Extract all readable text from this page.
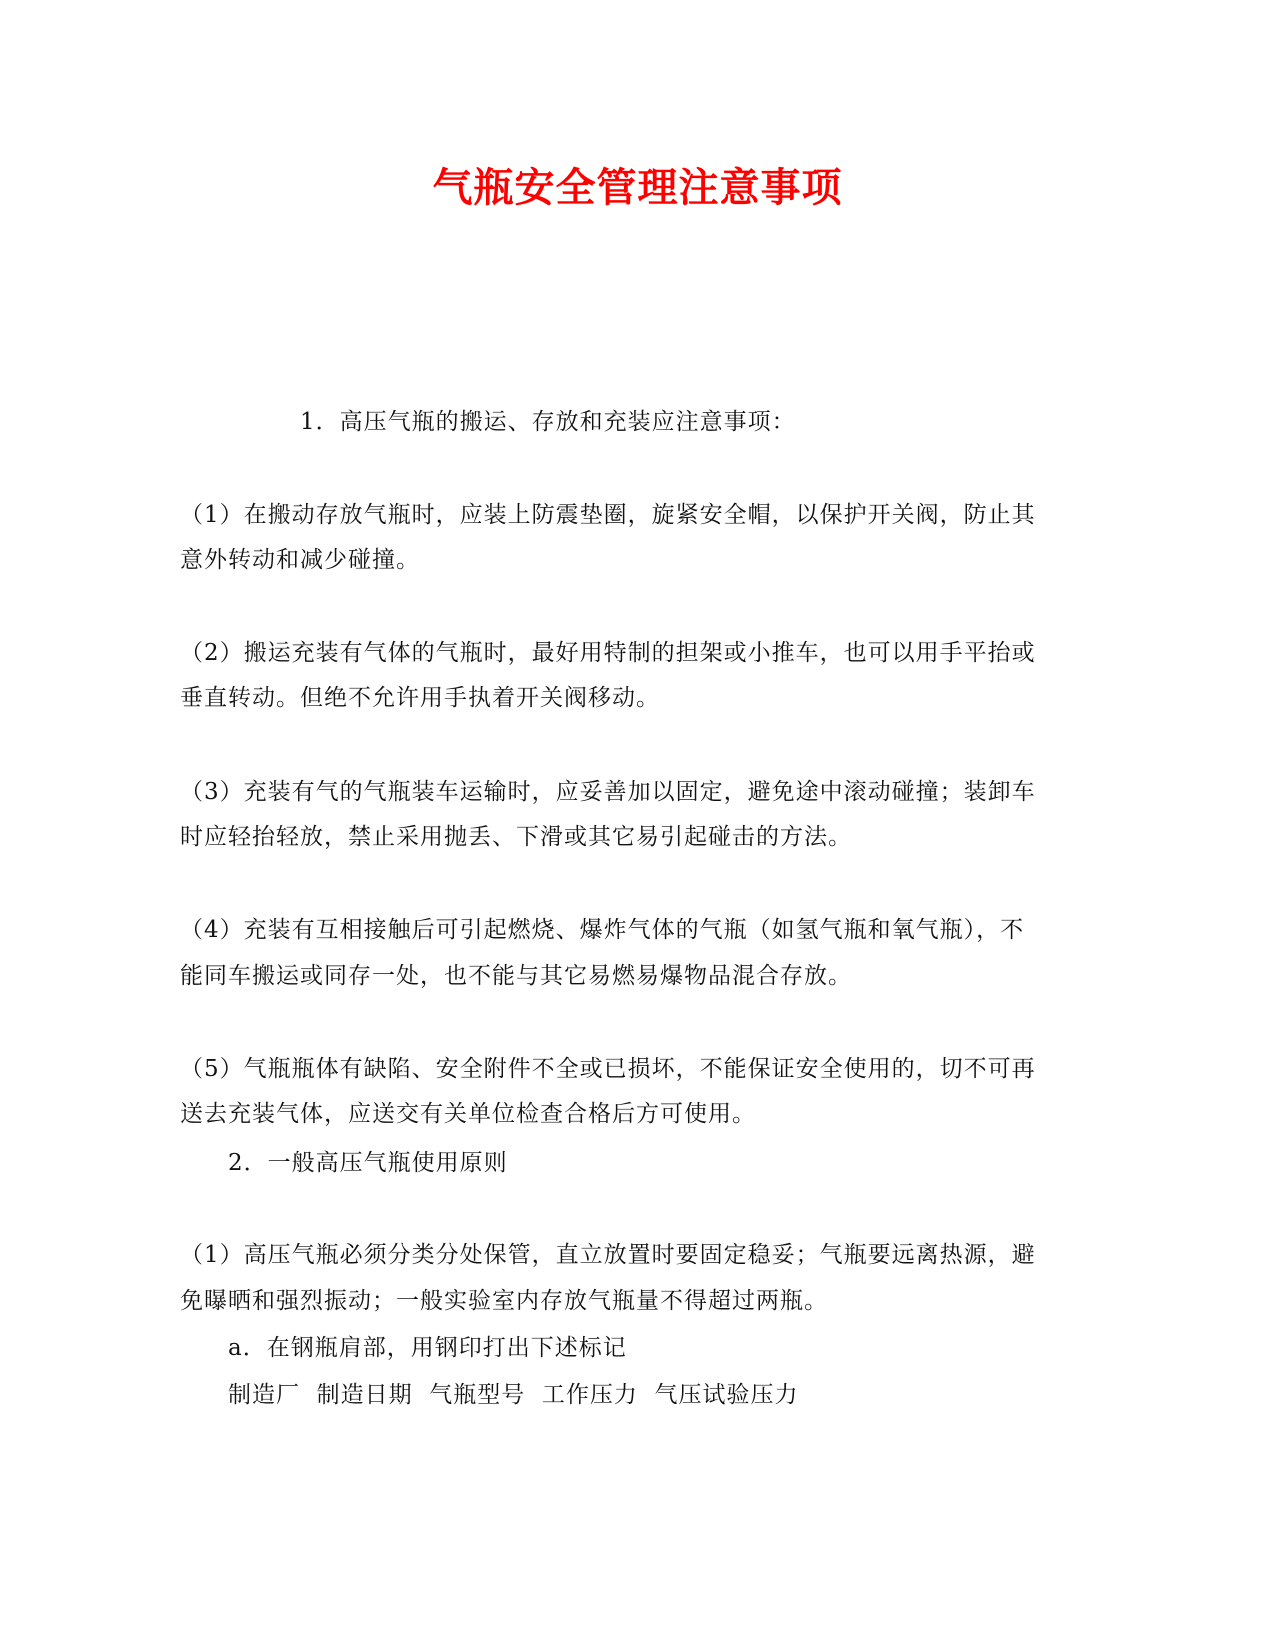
气瓶安全管理注意事项
1．高压气瓶的搬运、存放和充装应注意事项：
（1）在搬动存放气瓶时，应装上防震垫圈，旋紧安全帽，以保护开关阀，防止其
意外转动和减少碰撞。
（2）搬运充装有气体的气瓶时，最好用特制的担架或小推车，也可以用手平抬或
垂直转动。但绝不允许用手执着开关阀移动。
（3）充装有气的气瓶装车运输时，应妥善加以固定，避免途中滚动碰撞；装卸车
时应轻抬轻放，禁止采用抛丢、下滑或其它易引起碰击的方法。
（4）充装有互相接触后可引起燃烧、爆炸气体的气瓶（如氢气瓶和氧气瓶），不
能同车搬运或同存一处，也不能与其它易燃易爆物品混合存放。
（5）气瓶瓶体有缺陷、安全附件不全或已损坏，不能保证安全使用的，切不可再
送去充装气体，应送交有关单位检查合格后方可使用。
2．一般高压气瓶使用原则
（1）高压气瓶必须分类分处保管，直立放置时要固定稳妥；气瓶要远离热源，避
免曝晒和强烈振动；一般实验室内存放气瓶量不得超过两瓶。
a．在钢瓶肩部，用钢印打出下述标记
制造厂  制造日期  气瓶型号  工作压力  气压试验压力
